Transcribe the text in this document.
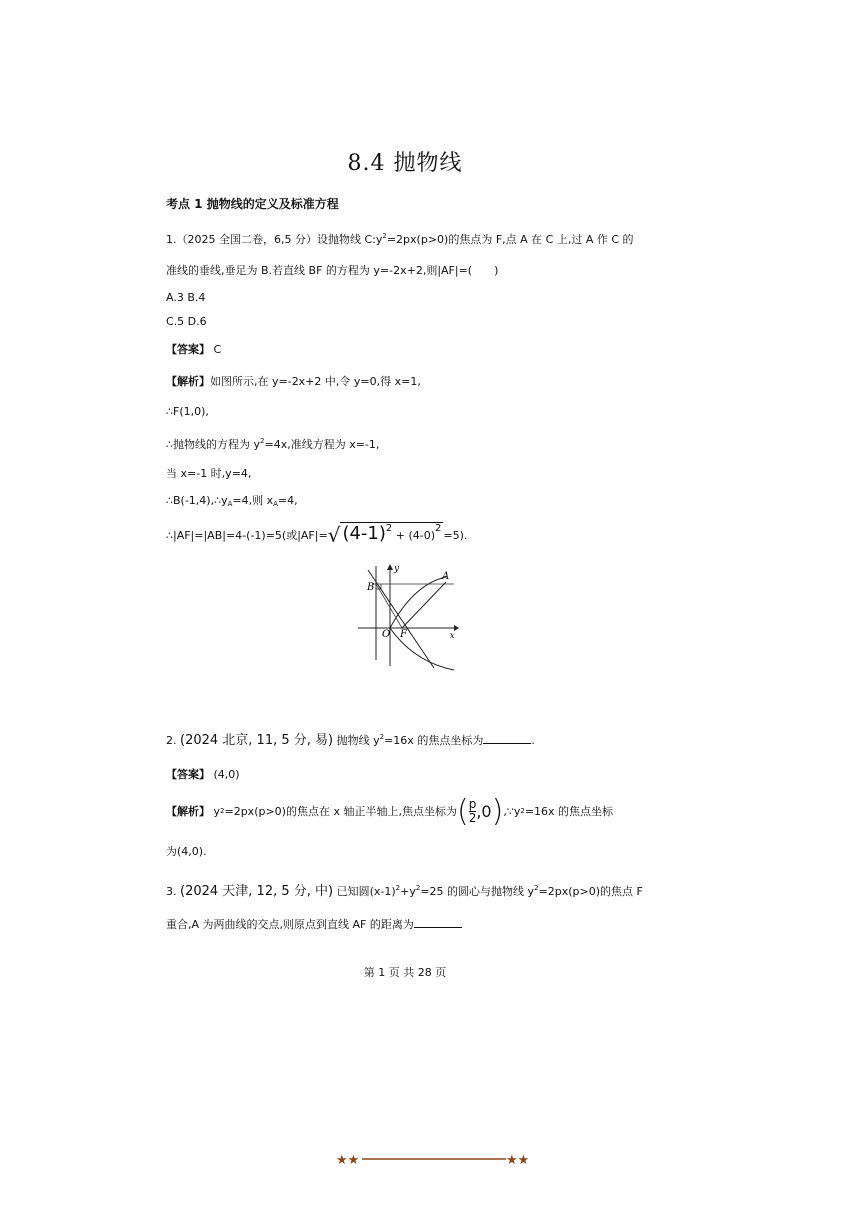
8.4 抛物线
考点 1 抛物线的定义及标准方程
1.（2025 全国二卷，6,5 分）设抛物线 $C:y^2=2px(p>0)$的焦点为 F,点 A 在 C 上,过 A 作 C 的
准线的垂线,垂足为 B.若直线 BF 的方程为 y=-2x+2,则|AF|=(　　)
A.3 B.4
C.5 D.6
【答案】 C
【解析】如图所示,在 y=-2x+2 中,令 y=0,得 x=1,
∴F(1,0),
∴抛物线的方程为 $y^2=4x$,准线方程为 x=-1,
当 x=-1 时,y=4,
$\therefore B(-1,4),\therefore y_A=4$,则 $x_A=4$,
∴|AF|=|AB|=4-(-1)=5(或|AF|=√ $(4-1)^2 + (4-0)^2=5$).
y
x
O F
A
B
2. (2024 北京, 11, 5 分, 易) 抛物线 $y^2=16x$ 的焦点坐标为	.
【答案】 (4,0)
【解析】
y 2 =2px(p>0)的焦点在 x 轴正半轴上,焦点坐标为 ( $\frac{p}{2} ,0$ ) ,∵y 2 =16x 的焦点坐标
为(4,0).
3. (2024 天津, 12, 5 分, 中) 已知圆$(x-1)^2+y^2=25$ 的圆心与抛物线 $y^2=2px(p>0)$的焦点 F
重合,A 为两曲线的交点,则原点到直线 AF 的距离为
第 1 页 共 28 页
★★	★★
